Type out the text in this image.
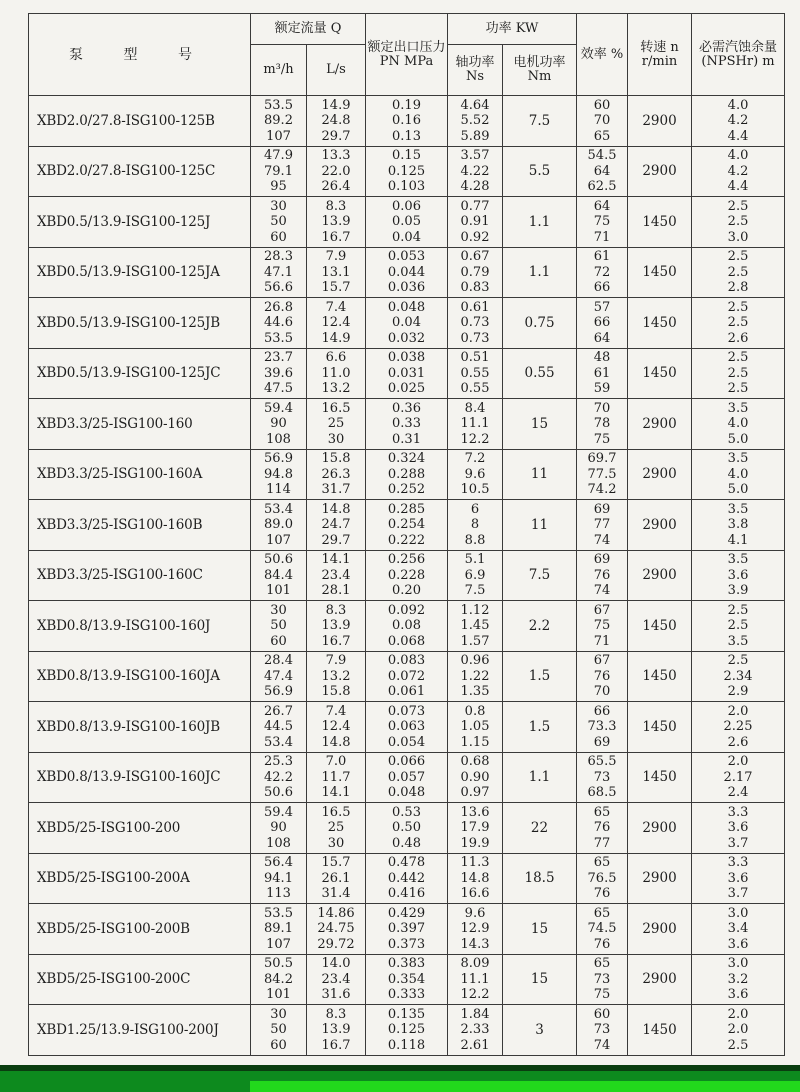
泵 型 号	额定流量 Q		额定出口压力 PN MPa	功率 KW		效率 %	转速 n r/min	必需汽蚀余量 (NPSHr) m
	m³/h	L/s		轴功率 Ns	电机功率 Nm			
XBD2.0/27.8-ISG100-125B	53.5
89.2
107	14.9
24.8
29.7	0.19
0.16
0.13	4.64
5.52
5.89	7.5	60
70
65	2900	4.0
4.2
4.4

XBD2.0/27.8-ISG100-125C	47.9
79.1
95	13.3
22.0
26.4	0.15
0.125
0.103	3.57
4.22
4.28	5.5	54.5
64
62.5	2900	4.0
4.2
4.4

XBD0.5/13.9-ISG100-125J	30
50
60	8.3
13.9
16.7	0.06
0.05
0.04	0.77
0.91
0.92	1.1	64
75
71	1450	2.5
2.5
3.0

XBD0.5/13.9-ISG100-125JA	28.3
47.1
56.6	7.9
13.1
15.7	0.053
0.044
0.036	0.67
0.79
0.83	1.1	61
72
66	1450	2.5
2.5
2.8

XBD0.5/13.9-ISG100-125JB	26.8
44.6
53.5	7.4
12.4
14.9	0.048
0.04
0.032	0.61
0.73
0.73	0.75	57
66
64	1450	2.5
2.5
2.6

XBD0.5/13.9-ISG100-125JC	23.7
39.6
47.5	6.6
11.0
13.2	0.038
0.031
0.025	0.51
0.55
0.55	0.55	48
61
59	1450	2.5
2.5
2.5

XBD3.3/25-ISG100-160	59.4
90
108	16.5
25
30	0.36
0.33
0.31	8.4
11.1
12.2	15	70
78
75	2900	3.5
4.0
5.0

XBD3.3/25-ISG100-160A	56.9
94.8
114	15.8
26.3
31.7	0.324
0.288
0.252	7.2
9.6
10.5	11	69.7
77.5
74.2	2900	3.5
4.0
5.0

XBD3.3/25-ISG100-160B	53.4
89.0
107	14.8
24.7
29.7	0.285
0.254
0.222	6
8
8.8	11	69
77
74	2900	3.5
3.8
4.1

XBD3.3/25-ISG100-160C	50.6
84.4
101	14.1
23.4
28.1	0.256
0.228
0.20	5.1
6.9
7.5	7.5	69
76
74	2900	3.5
3.6
3.9

XBD0.8/13.9-ISG100-160J	30
50
60	8.3
13.9
16.7	0.092
0.08
0.068	1.12
1.45
1.57	2.2	67
75
71	1450	2.5
2.5
3.5

XBD0.8/13.9-ISG100-160JA	28.4
47.4
56.9	7.9
13.2
15.8	0.083
0.072
0.061	0.96
1.22
1.35	1.5	67
76
70	1450	2.5
2.34
2.9

XBD0.8/13.9-ISG100-160JB	26.7
44.5
53.4	7.4
12.4
14.8	0.073
0.063
0.054	0.8
1.05
1.15	1.5	66
73.3
69	1450	2.0
2.25
2.6

XBD0.8/13.9-ISG100-160JC	25.3
42.2
50.6	7.0
11.7
14.1	0.066
0.057
0.048	0.68
0.90
0.97	1.1	65.5
73
68.5	1450	2.0
2.17
2.4

XBD5/25-ISG100-200	59.4
90
108	16.5
25
30	0.53
0.50
0.48	13.6
17.9
19.9	22	65
76
77	2900	3.3
3.6
3.7

XBD5/25-ISG100-200A	56.4
94.1
113	15.7
26.1
31.4	0.478
0.442
0.416	11.3
14.8
16.6	18.5	65
76.5
76	2900	3.3
3.6
3.7

XBD5/25-ISG100-200B	53.5
89.1
107	14.86
24.75
29.72	0.429
0.397
0.373	9.6
12.9
14.3	15	65
74.5
76	2900	3.0
3.4
3.6

XBD5/25-ISG100-200C	50.5
84.2
101	14.0
23.4
31.6	0.383
0.354
0.333	8.09
11.1
12.2	15	65
73
75	2900	3.0
3.2
3.6

XBD1.25/13.9-ISG100-200J	30
50
60	8.3
13.9
16.7	0.135
0.125
0.118	1.84
2.33
2.61	3	60
73
74	1450	2.0
2.0
2.5
